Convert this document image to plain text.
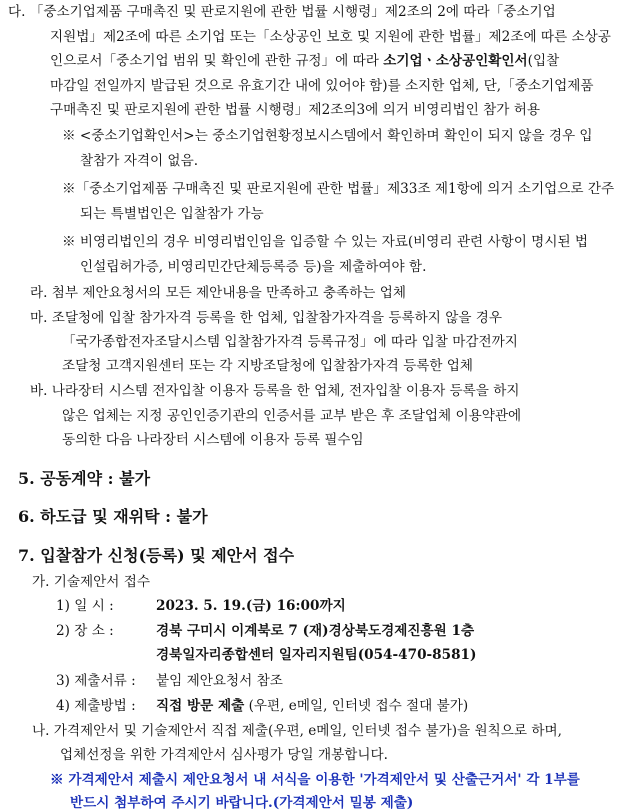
다. 「중소기업제품 구매촉진 및 판로지원에 관한 법률 시행령」제2조의 2에 따라「중소기업
지원법」제2조에 따른 소기업 또는「소상공인 보호 및 지원에 관한 법률」제2조에 따른 소상공
인으로서「중소기업 범위 및 확인에 관한 규정」에 따라 소기업ㆍ소상공인확인서(입찰
마감일 전일까지 발급된 것으로 유효기간 내에 있어야 함)를 소지한 업체, 단,「중소기업제품
구매촉진 및 판로지원에 관한 법률 시행령」제2조의3에 의거 비영리법인 참가 허용
※ <중소기업확인서>는 중소기업현황정보시스템에서 확인하며 확인이 되지 않을 경우 입
찰참가 자격이 없음.
※「중소기업제품 구매촉진 및 판로지원에 관한 법률」제33조 제1항에 의거 소기업으로 간주
되는 특별법인은 입찰참가 가능
※ 비영리법인의 경우 비영리법인임을 입증할 수 있는 자료(비영리 관련 사항이 명시된 법
인설립허가증, 비영리민간단체등록증 등)을 제출하여야 함.
라. 첨부 제안요청서의 모든 제안내용을 만족하고 충족하는 업체
마. 조달청에 입찰 참가자격 등록을 한 업체, 입찰참가자격을 등록하지 않을 경우
「국가종합전자조달시스템 입찰참가자격 등록규정」에 따라 입찰 마감전까지
조달청 고객지원센터 또는 각 지방조달청에 입찰참가자격 등록한 업체
바. 나라장터 시스템 전자입찰 이용자 등록을 한 업체, 전자입찰 이용자 등록을 하지
않은 업체는 지정 공인인증기관의 인증서를 교부 받은 후 조달업체 이용약관에
동의한 다음 나라장터 시스템에 이용자 등록 필수임
5. 공동계약 : 불가
6. 하도급 및 재위탁 : 불가
7. 입찰참가 신청(등록) 및 제안서 접수
가. 기술제안서 접수
1) 일 시 :	2023. 5. 19.(금) 16:00까지
2) 장 소 :	경북 구미시 이계북로 7 (재)경상북도경제진흥원 1층
경북일자리종합센터 일자리지원팀(054-470-8581)
3) 제출서류 : 붙임 제안요청서 참조
4) 제출방법 : 직접 방문 제출 (우편, e메일, 인터넷 접수 절대 불가)
나. 가격제안서 및 기술제안서 직접 제출(우편, e메일, 인터넷 접수 불가)을 원칙으로 하며,
업체선정을 위한 가격제안서 심사평가 당일 개봉합니다.
※ 가격제안서 제출시 제안요청서 내 서식을 이용한 '가격제안서 및 산출근거서' 각 1부를
반드시 첨부하여 주시기 바랍니다.(가격제안서 밀봉 제출)
